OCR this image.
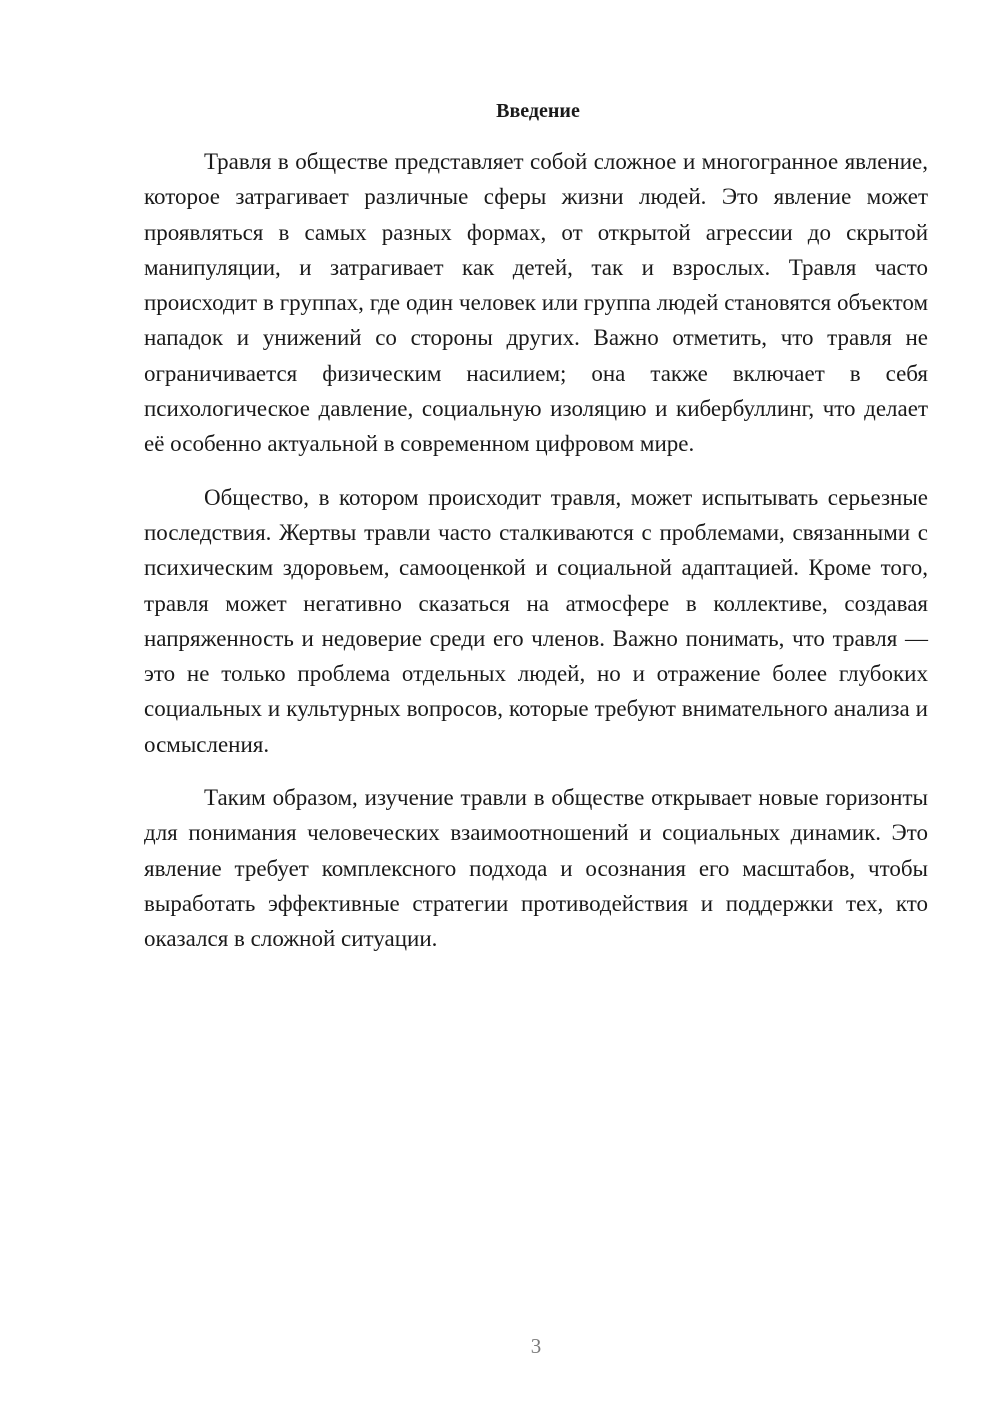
Введение

Травля в обществе представляет собой сложное и многогранное явление, которое затрагивает различные сферы жизни людей. Это явление может проявляться в самых разных формах, от открытой агрессии до скрытой манипуляции, и затрагивает как детей, так и взрослых. Травля часто происходит в группах, где один человек или группа людей становятся объектом нападок и унижений со стороны других. Важно отметить, что травля не ограничивается физическим насилием; она также включает в себя психологическое давление, социальную изоляцию и кибербуллинг, что делает её особенно актуальной в современном цифровом мире.

Общество, в котором происходит травля, может испытывать серьезные последствия. Жертвы травли часто сталкиваются с проблемами, связанными с психическим здоровьем, самооценкой и социальной адаптацией. Кроме того, травля может негативно сказаться на атмосфере в коллективе, создавая напряженность и недоверие среди его членов. Важно понимать, что травля — это не только проблема отдельных людей, но и отражение более глубоких социальных и культурных вопросов, которые требуют внимательного анализа и осмысления.

Таким образом, изучение травли в обществе открывает новые горизонты для понимания человеческих взаимоотношений и социальных динамик. Это явление требует комплексного подхода и осознания его масштабов, чтобы выработать эффективные стратегии противодействия и поддержки тех, кто оказался в сложной ситуации.

3
